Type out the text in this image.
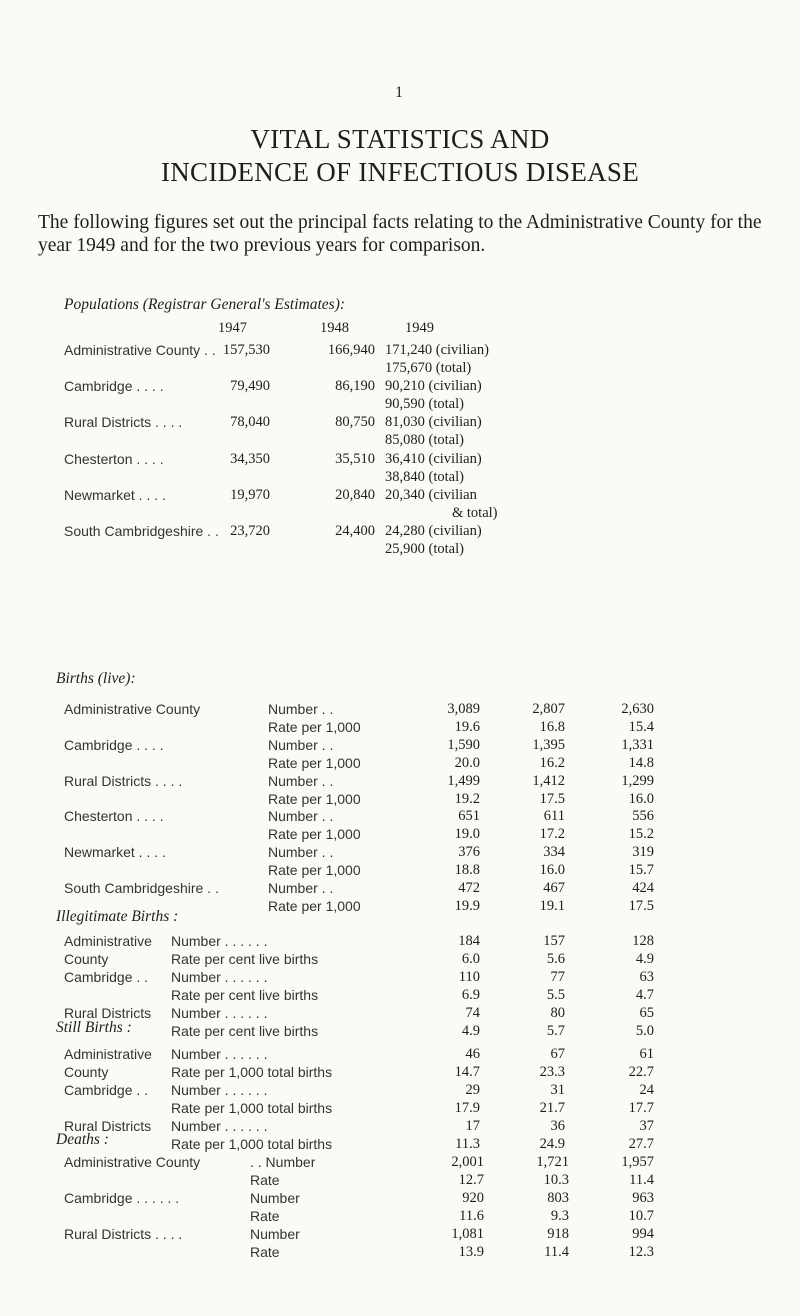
1
VITAL STATISTICS AND
INCIDENCE OF INFECTIOUS DISEASE
The following figures set out the principal facts relating to the Administrative County for the year 1949 and for the two previous years for comparison.
Populations (Registrar General's Estimates):
1947	1948	1949
Administrative County . . 157,530	166,940 171,240 (civilian)
175,670 (total)
Cambridge . . . .	79,490	86,190 90,210 (civilian)
90,590 (total)
Rural Districts . . . .	78,040	80,750 81,030 (civilian)
85,080 (total)
Chesterton . . . .	34,350	35,510 36,410 (civilian)
38,840 (total)
Newmarket . . . .	19,970	20,840 20,340 (civilian
& total)
South Cambridgeshire . . 23,720	24,400 24,280 (civilian)
25,900 (total)
Births (live):
Administrative County	Number . .	3,089	2,807	2,630
Rate per 1,000	19.6	16.8	15.4
Cambridge . . . .	Number . .	1,590	1,395	1,331
Rate per 1,000	20.0	16.2	14.8
Rural Districts . . . .	Number . .	1,499	1,412	1,299
Rate per 1,000	19.2	17.5	16.0
Chesterton . . . .	Number . .	651	611	556
Rate per 1,000	19.0	17.2	15.2
Newmarket . . . .	Number . .	376	334	319
Rate per 1,000	18.8	16.0	15.7
South Cambridgeshire . .	Number . .	472	467	424
Rate per 1,000	19.9	19.1	17.5
Illegitimate Births :
Administrative Number . . . . . .	184	157	128
County	Rate per cent live births	6.0	5.6	4.9
Cambridge . . Number . . . . . .	110	77	63
Rate per cent live births	6.9	5.5	4.7
Rural Districts Number . . . . . .	74	80	65
Rate per cent live births	4.9	5.7	5.0
Still Births :
Administrative Number . . . . . .	46	67	61
County	Rate per 1,000 total births	14.7	23.3	22.7
Cambridge . . Number . . . . . .	29	31	24
Rate per 1,000 total births	17.9	21.7	17.7
Rural Districts Number . . . . . .	17	36	37
Rate per 1,000 total births	11.3	24.9	27.7
Deaths :
Administrative County	. . Number	2,001	1,721	1,957
Rate	12.7	10.3	11.4
Cambridge . . . . . .	Number	920	803	963
Rate	11.6	9.3	10.7
Rural Districts . . . .	Number	1,081	918	994
Rate	13.9	11.4	12.3
